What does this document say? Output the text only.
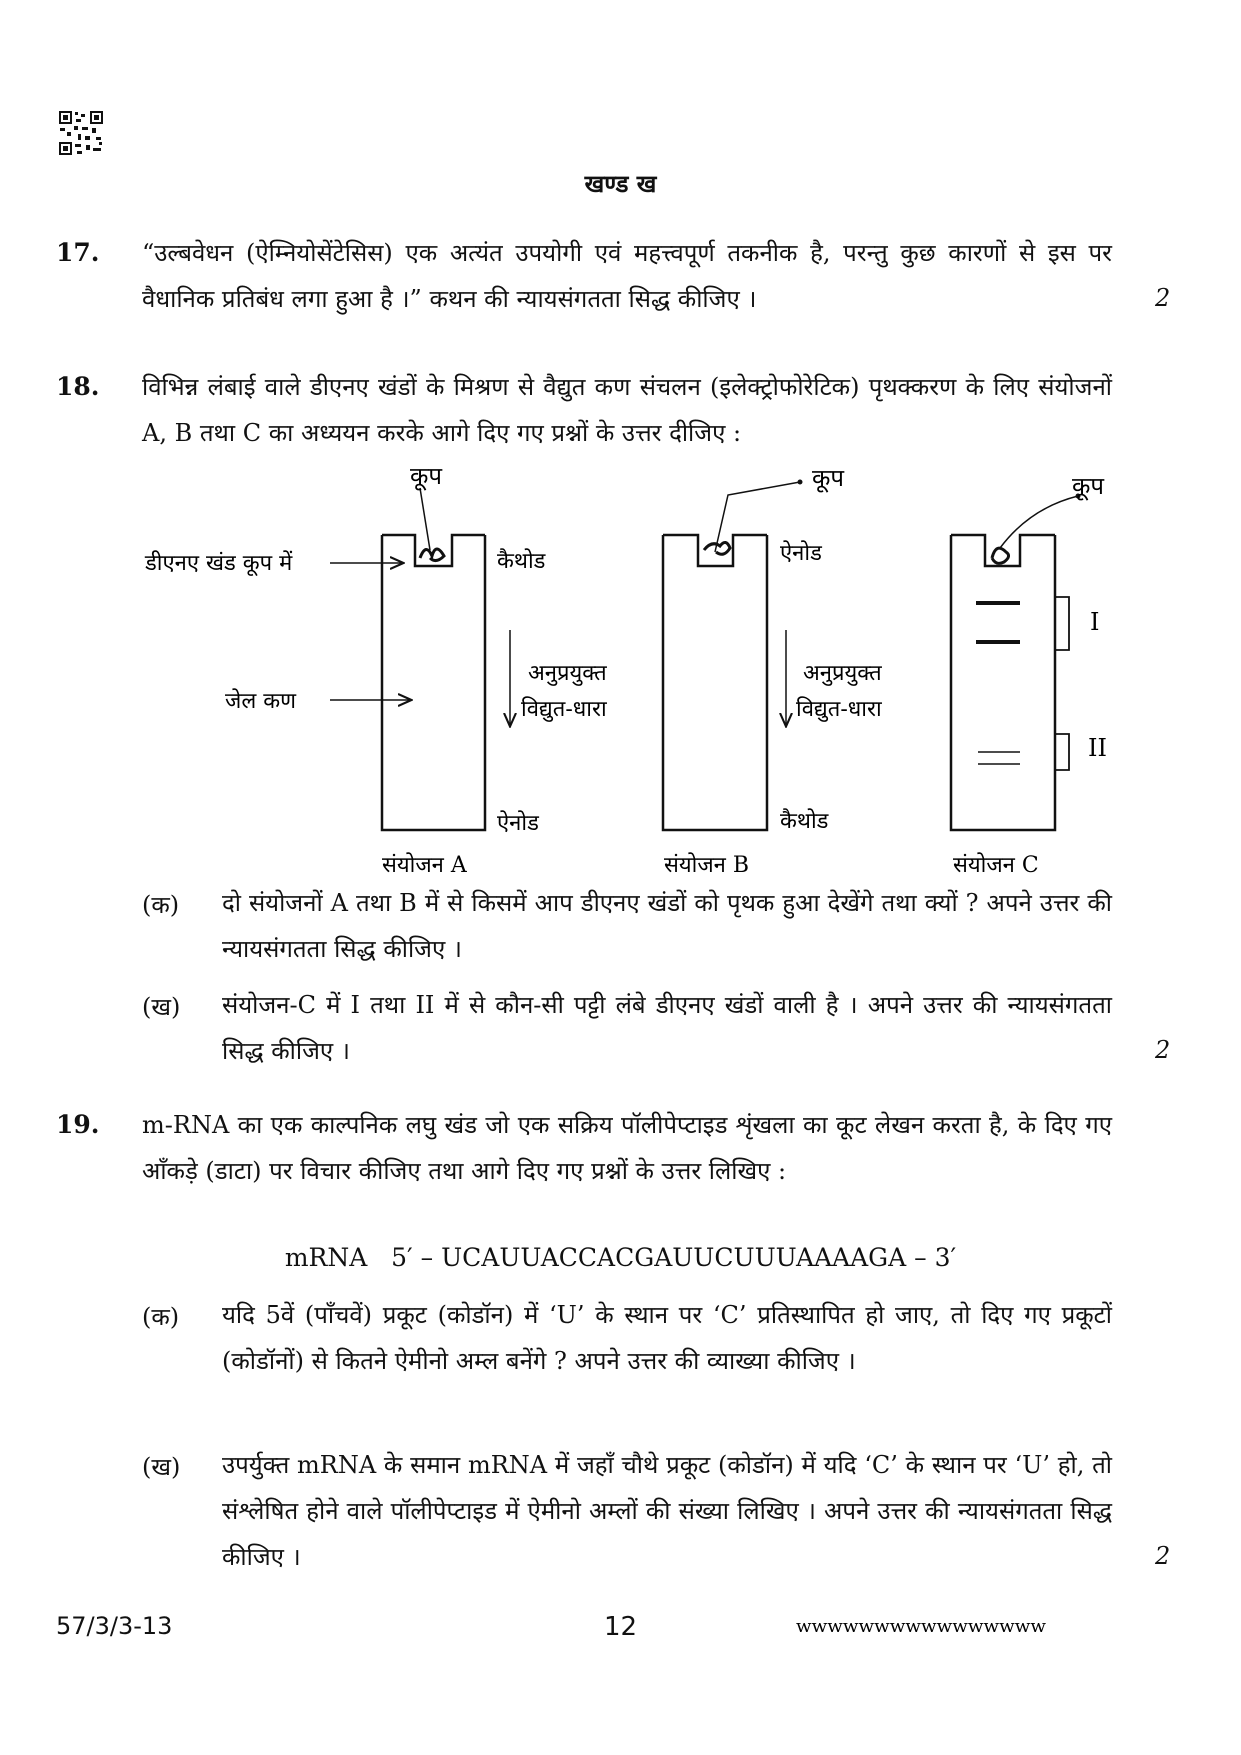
खण्ड ख
17. “उल्बवेधन (ऐम्नियोसेंटेसिस) एक अत्यंत उपयोगी एवं महत्त्वपूर्ण तकनीक है, परन्तु कुछ कारणों से इस पर वैधानिक प्रतिबंध लगा हुआ है ।” कथन की न्यायसंगतता सिद्ध कीजिए ।	2
18. विभिन्न लंबाई वाले डीएनए खंडों के मिश्रण से वैद्युत कण संचलन (इलेक्ट्रोफोरेटिक) पृथक्करण के लिए संयोजनों A, B तथा C का अध्ययन करके आगे दिए गए प्रश्नों के उत्तर दीजिए :
कूप
डीएनए खंड कूप में
जेल कण
कैथोड
अनुप्रयुक्त
विद्युत-धारा
ऐनोड
संयोजन A
कूप
ऐनोड
अनुप्रयुक्त
विद्युत-धारा
कैथोड
संयोजन B
कूप
I
II
संयोजन C
(क) दो संयोजनों A तथा B में से किसमें आप डीएनए खंडों को पृथक हुआ देखेंगे तथा क्यों ? अपने उत्तर की न्यायसंगतता सिद्ध कीजिए ।
(ख) संयोजन-C में I तथा II में से कौन-सी पट्टी लंबे डीएनए खंडों वाली है । अपने उत्तर की न्यायसंगतता सिद्ध कीजिए ।	2
19. m-RNA का एक काल्पनिक लघु खंड जो एक सक्रिय पॉलीपेप्टाइड शृंखला का कूट लेखन करता है, के दिए गए आँकड़े (डाटा) पर विचार कीजिए तथा आगे दिए गए प्रश्नों के उत्तर लिखिए :
mRNA   5′ – UCAUUACCACGAUUCUUUAAAAGA – 3′
(क) यदि 5वें (पाँचवें) प्रकूट (कोडॉन) में ‘U’ के स्थान पर ‘C’ प्रतिस्थापित हो जाए, तो दिए गए प्रकूटों (कोडॉनों) से कितने ऐमीनो अम्ल बनेंगे ? अपने उत्तर की व्याख्या कीजिए ।
(ख) उपर्युक्त mRNA के समान mRNA में जहाँ चौथे प्रकूट (कोडॉन) में यदि ‘C’ के स्थान पर ‘U’ हो, तो संश्लेषित होने वाले पॉलीपेप्टाइड में ऐमीनो अम्लों की संख्या लिखिए । अपने उत्तर की न्यायसंगतता सिद्ध कीजिए ।	2
57/3/3-13	12	wwwwwwwwwwwwwwww
